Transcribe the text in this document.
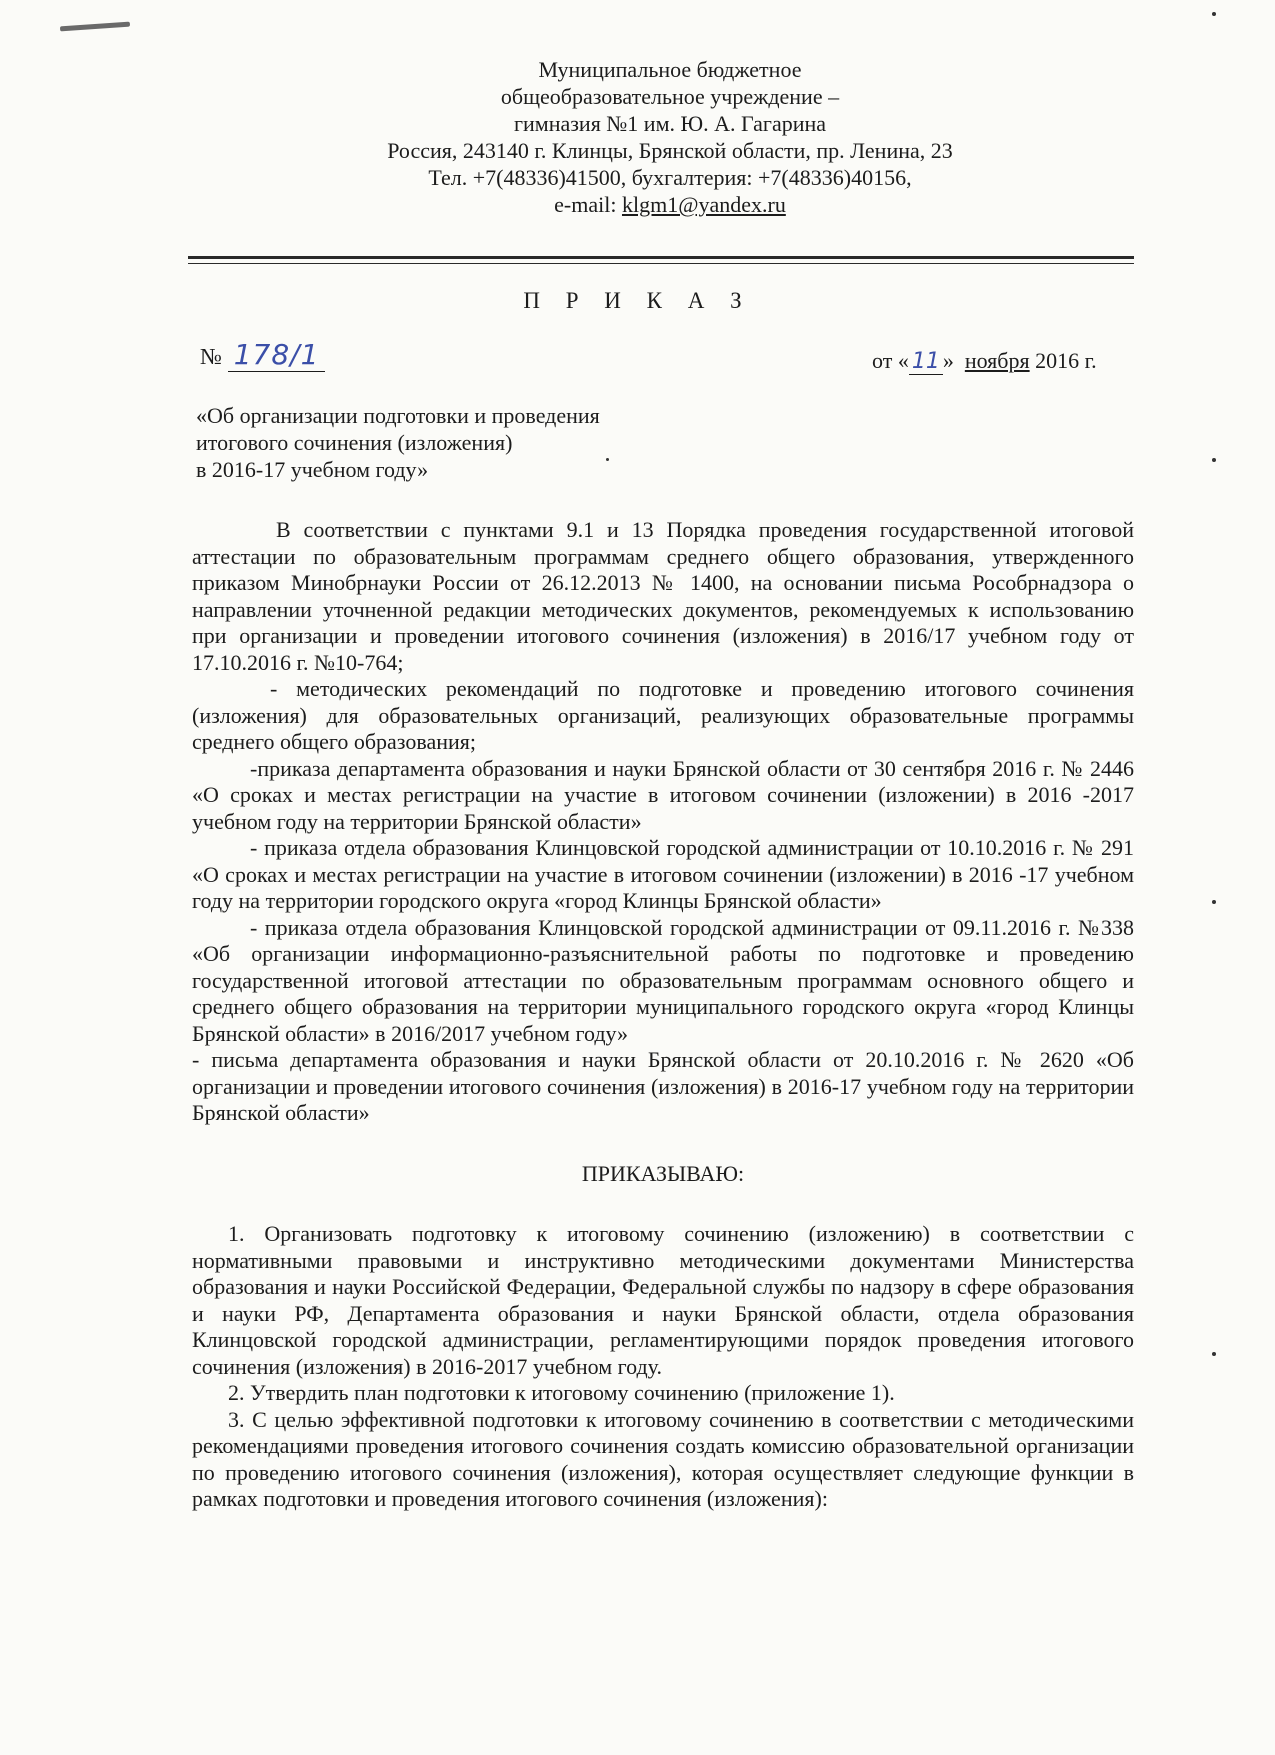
Муниципальное бюджетное
общеобразовательное учреждение –
гимназия №1 им. Ю. А. Гагарина
Россия, 243140 г. Клинцы, Брянской области, пр. Ленина, 23
Тел. +7(48336)41500, бухгалтерия: +7(48336)40156,
e-mail: klgm1@yandex.ru
П Р И К А З
№ 178/1	от « 11 » ноября 2016 г.
«Об организации подготовки и проведения
итогового сочинения (изложения)
в 2016-17 учебном году»

В соответствии с пунктами 9.1 и 13 Порядка проведения государственной итоговой аттестации по образовательным программам среднего общего образования, утвержденного приказом Минобрнауки России от 26.12.2013 № 1400, на основании письма Рособрнадзора о направлении уточненной редакции методических документов, рекомендуемых к использованию при организации и проведении итогового сочинения (изложения) в 2016/17 учебном году от 17.10.2016 г. №10-764;

- методических рекомендаций по подготовке и проведению итогового сочинения (изложения) для образовательных организаций, реализующих образовательные программы среднего общего образования;

-приказа департамента образования и науки Брянской области от 30 сентября 2016 г. № 2446 «О сроках и местах регистрации на участие в итоговом сочинении (изложении) в 2016 -2017 учебном году на территории Брянской области»

- приказа отдела образования Клинцовской городской администрации от 10.10.2016 г. № 291 «О сроках и местах регистрации на участие в итоговом сочинении (изложении) в 2016 -17 учебном году на территории городского округа «город Клинцы Брянской области»

- приказа отдела образования Клинцовской городской администрации от 09.11.2016 г. №338 «Об организации информационно-разъяснительной работы по подготовке и проведению государственной итоговой аттестации по образовательным программам основного общего и среднего общего образования на территории муниципального городского округа «город Клинцы Брянской области» в 2016/2017 учебном году»

- письма департамента образования и науки Брянской области от 20.10.2016 г. № 2620 «Об организации и проведении итогового сочинения (изложения) в 2016-17 учебном году на территории Брянской области»

ПРИКАЗЫВАЮ:

1. Организовать подготовку к итоговому сочинению (изложению) в соответствии с нормативными правовыми и инструктивно методическими документами Министерства образования и науки Российской Федерации, Федеральной службы по надзору в сфере образования и науки РФ, Департамента образования и науки Брянской области, отдела образования Клинцовской городской администрации, регламентирующими порядок проведения итогового сочинения (изложения) в 2016-2017 учебном году.

2. Утвердить план подготовки к итоговому сочинению (приложение 1).

3. С целью эффективной подготовки к итоговому сочинению в соответствии с методическими рекомендациями проведения итогового сочинения создать комиссию образовательной организации по проведению итогового сочинения (изложения), которая осуществляет следующие функции в рамках подготовки и проведения итогового сочинения (изложения):
